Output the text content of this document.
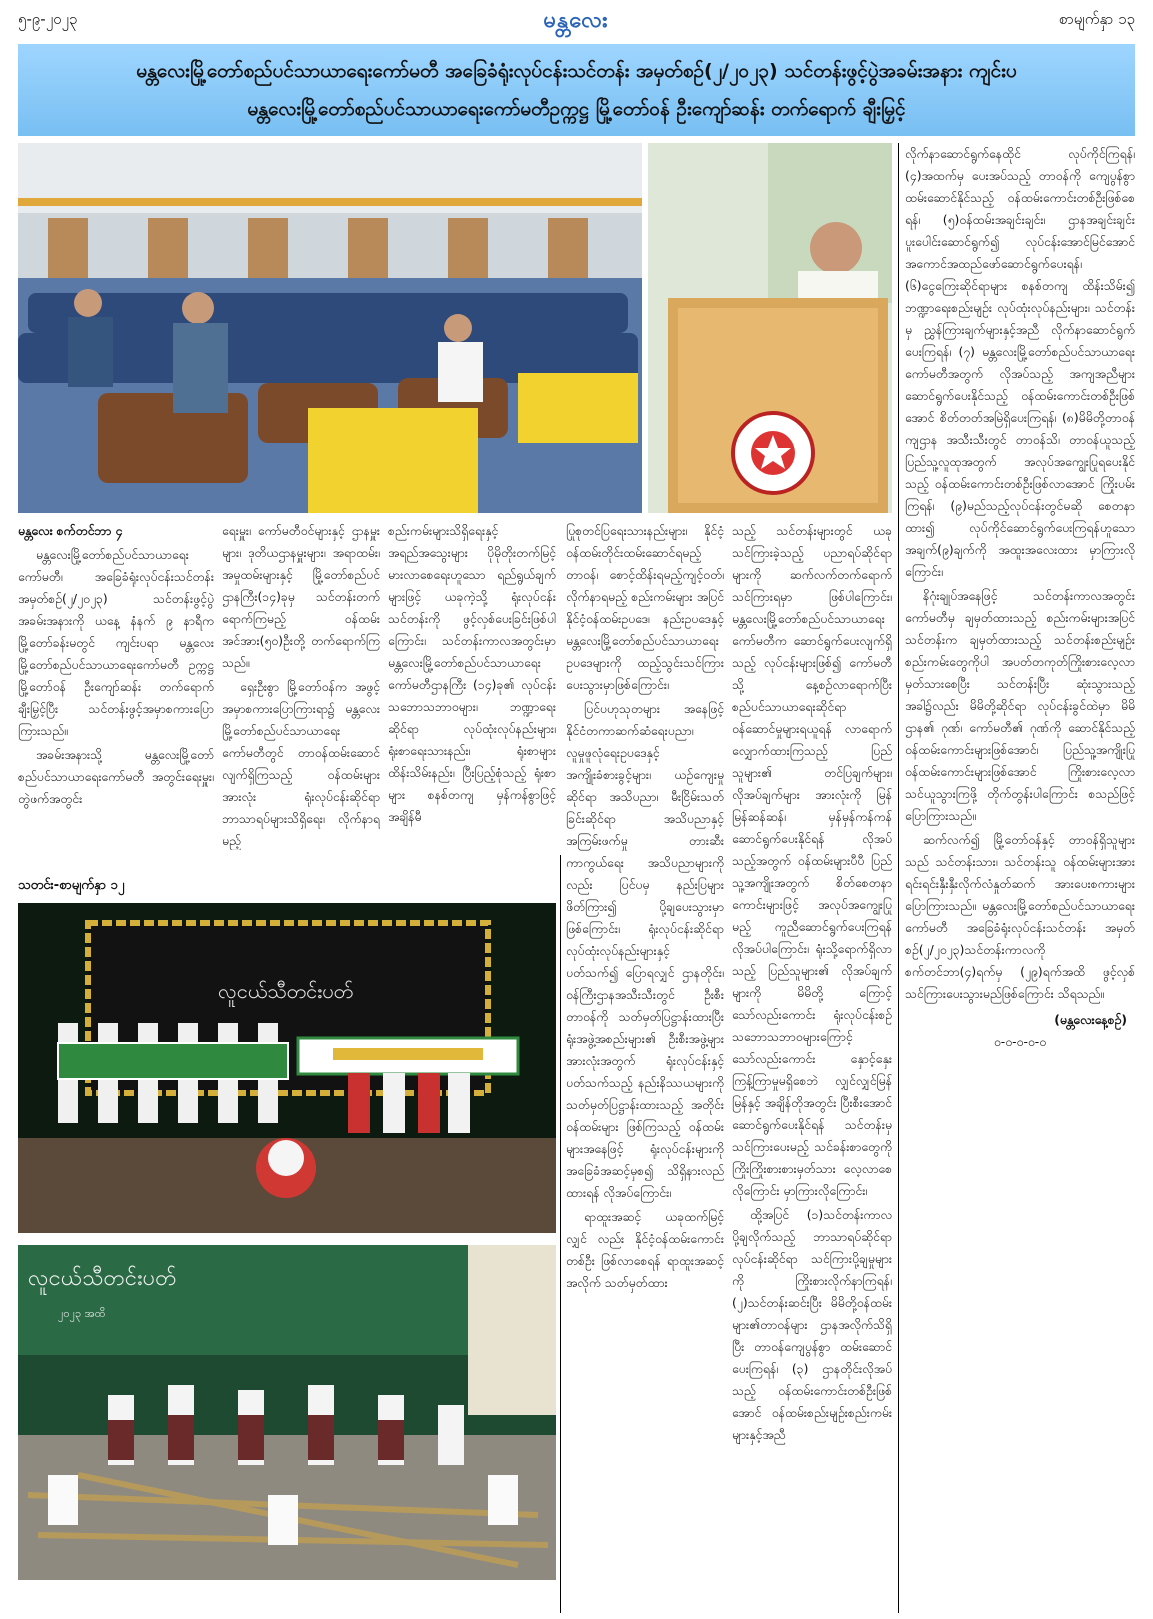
၅-၉-၂၀၂၃	မန္တလေး	စာမျက်နှာ ၁၃
မန္တလေးမြို့တော်စည်ပင်သာယာရေးကော်မတီ အခြေခံရုံးလုပ်ငန်းသင်တန်း အမှတ်စဉ်(၂/၂၀၂၃) သင်တန်းဖွင့်ပွဲအခမ်းအနား ကျင်းပ
မန္တလေးမြို့တော်စည်ပင်သာယာရေးကော်မတီဥက္ကဋ္ဌ မြို့တော်ဝန် ဦးကျော်ဆန်း တက်ရောက် ချီးမြှင့်

လိုက်နာဆောင်ရွက်နေထိုင် လုပ်ကိုင်ကြရန်၊ (၄)အထက်မှ ပေးအပ်သည့် တာဝန်ကို ကျေပွန်စွာ ထမ်းဆောင်နိုင်သည့် ဝန်ထမ်းကောင်းတစ်ဦးဖြစ်စေရန်၊ (၅)ဝန်ထမ်းအချင်းချင်း၊ ဌာနအချင်းချင်း ပူးပေါင်းဆောင်ရွက်၍ လုပ်ငန်းအောင်မြင်အောင် အကောင်အထည်ဖော်ဆောင်ရွက်ပေးရန်၊ (၆)ငွေကြေးဆိုင်ရာများ စနစ်တကျ ထိန်းသိမ်း၍ ဘဏ္ဍာရေးစည်းမျဉ်း လုပ်ထုံးလုပ်နည်းများ၊ သင်တန်းမှ ညွှန်ကြားချက်များနှင့်အညီ လိုက်နာဆောင်ရွက်ပေးကြရန်၊ (၇) မန္တလေးမြို့တော်စည်ပင်သာယာရေးကော်မတီအတွက် လိုအပ်သည့် အကျအညီများ ဆောင်ရွက်ပေးနိုင်သည့် ဝန်ထမ်းကောင်းတစ်ဦးဖြစ်အောင် စိတ်တတ်အမြဲရှိပေးကြရန်၊ (၈)မိမိတို့တာဝန်ကျဌာန အသီးသီးတွင် တာဝန်သိ၊ တာဝန်ယူသည့် ပြည်သူ့လူထုအတွက် အလုပ်အကျွေးပြုရပေးနိုင်သည့် ဝန်ထမ်းကောင်းတစ်ဦးဖြစ်လာအောင် ကြိုးပမ်းကြရန်၊ (၉)မည်သည့်လုပ်ငန်းတွင်မဆို စေတနာထား၍ လုပ်ကိုင်ဆောင်ရွက်ပေးကြရန်ဟူသော အချက်(၉)ချက်ကို အထူးအလေးထား မှာကြားလိုကြောင်း၊

နိဂုံးချုပ်အနေဖြင့် သင်တန်းကာလအတွင်း ကော်မတီမှ ချမှတ်ထားသည့် စည်းကမ်းများအပြင် သင်တန်းက ချမှတ်ထားသည့် သင်တန်းစည်းမျဉ်းစည်းကမ်းတွေကိုပါ အပတ်တကုတ်ကြိုးစားလေ့လာမှတ်သားစေပြီး သင်တန်းပြီး ဆုံးသွားသည့်အခါ၌လည်း မိမိတို့ဆိုင်ရာ လုပ်ငန်းခွင်ထဲမှာ မိမိဌာန၏ ဂုဏ်၊ ကော်မတီ၏ ဂုဏ်ကို ဆောင်နိုင်သည့် ဝန်ထမ်းကောင်းများဖြစ်အောင်၊ ပြည်သူ့အကျိုးပြု ဝန်ထမ်းကောင်းများဖြစ်အောင် ကြိုးစားလေ့လာသင်ယူသွားကြဖို့ တိုက်တွန်းပါကြောင်း စသည်ဖြင့် ပြောကြားသည်။

ဆက်လက်၍ မြို့တော်ဝန်နှင့် တာဝန်ရှိသူများသည် သင်တန်းသား၊ သင်တန်းသူ ဝန်ထမ်းများအား ရင်းရင်းနှီးနှီးလိုက်လံနှုတ်ဆက် အားပေးစကားများ ပြောကြားသည်။ မန္တလေးမြို့တော်စည်ပင်သာယာရေးကော်မတီ အခြေခံရုံးလုပ်ငန်းသင်တန်း အမှတ်စဉ်(၂/၂၀၂၃)သင်တန်းကာလကို စက်တင်ဘာ(၄)ရက်မှ (၂၉)ရက်အထိ ဖွင့်လှစ်သင်ကြားပေးသွားမည်ဖြစ်ကြောင်း သိရသည်။

(မန္တလေးနေ့စဉ်)
ဝ-ဝ-ဝ-ဝ-ဝ

မန္တလေး စက်တင်ဘာ ၄

မန္တလေးမြို့တော်စည်ပင်သာယာရေးကော်မတီ၊ အခြေခံရုံးလုပ်ငန်းသင်တန်း အမှတ်စဉ်(၂/၂၀၂၃) သင်တန်းဖွင့်ပွဲ အခမ်းအနားကို ယနေ့ နံနက် ၉ နာရီက မြို့တော်ခန်းမတွင် ကျင်းပရာ မန္တလေးမြို့တော်စည်ပင်သာယာရေးကော်မတီ ဥက္ကဋ္ဌ မြို့တော်ဝန် ဦးကျော်ဆန်း တက်ရောက် ချီးမြှင့်ပြီး သင်တန်းဖွင့်အမှာစကားပြောကြားသည်။

အခမ်းအနားသို့ မန္တလေးမြို့တော်စည်ပင်သာယာရေးကော်မတီ အတွင်းရေးမှူး၊ တွဲဖက်အတွင်း

ရေးမှူး၊ ကော်မတီဝင်များနှင့် ဌာနမှူးများ၊ ဒုတိယဌာနမှူးများ၊ အရာထမ်း၊ အမှုထမ်းများနှင့် မြို့တော်စည်ပင်ဌာနကြီး(၁၄)ခုမှ သင်တန်းတက်ရောက်ကြမည့် ဝန်ထမ်းအင်အား(၅၀)ဦးတို့ တက်ရောက်ကြသည်။

ရှေးဦးစွာ မြို့တော်ဝန်က အဖွင့် အမှာစကားပြောကြားရာ၌ မန္တလေးမြို့တော်စည်ပင်သာယာရေး ကော်မတီတွင် တာဝန်ထမ်းဆောင်လျက်ရှိကြသည့် ဝန်ထမ်းများအားလုံး ရုံးလုပ်ငန်းဆိုင်ရာ ဘာသာရပ်များသိရှိရေး၊ လိုက်နာရမည့်

စည်းကမ်းများသိရှိရေးနှင့် အရည်အသွေးများ ပိုမိုတိုးတက်မြင့်မားလာစေရေးဟူသော ရည်ရွယ်ချက်များဖြင့် ယခုကဲ့သို့ ရုံးလုပ်ငန်းသင်တန်းကို ဖွင့်လှစ်ပေးခြင်းဖြစ်ပါကြောင်း၊ သင်တန်းကာလအတွင်းမှာ မန္တလေးမြို့တော်စည်ပင်သာယာရေးကော်မတီဌာနကြီး (၁၄)ခု၏ လုပ်ငန်းသဘောသဘာဝများ၊ ဘဏ္ဍာရေးဆိုင်ရာ လုပ်ထုံးလုပ်နည်းများ၊ ရုံးစာရေးသားနည်း၊ ရုံးစာများထိန်းသိမ်းနည်း၊ ပြီးပြည့်စုံသည့် ရုံးစာများ စနစ်တကျ မှန်ကန်စွာဖြင့် အချိန်မီ

ပြုစုတင်ပြရေးသားနည်းများ၊ နိုင်ငံ့ဝန်ထမ်းတိုင်းထမ်းဆောင်ရမည့် တာဝန်၊ စောင့်ထိန်းရမည့်ကျင့်ဝတ်၊ လိုက်နာရမည့် စည်းကမ်းများ အပြင် နိုင်ငံ့ဝန်ထမ်းဥပဒေ၊ နည်းဥပဒေနှင့် မန္တလေးမြို့တော်စည်ပင်သာယာရေးဥပဒေများကို ထည့်သွင်းသင်ကြားပေးသွားမှာဖြစ်ကြောင်း၊

ပြင်ပဟုသုတများ အနေဖြင့် နိုင်ငံတကာဆက်ဆံရေးပညာ၊ လူမှုဖူလုံရေးဥပဒေနှင့် အကျိုးခံစားခွင့်များ၊ ယဉ်ကျေးမှုဆိုင်ရာ အသိပညာ၊ မီးငြိမ်းသတ်ခြင်းဆိုင်ရာ အသိပညာနှင့် အကြမ်းဖက်မှု တားဆီးကာကွယ်ရေး အသိပညာများကို လည်း ပြင်ပမှ နည်းပြများဖိတ်ကြား၍ ပို့ချပေးသွားမှာဖြစ်ကြောင်း၊ ရုံးလုပ်ငန်းဆိုင်ရာ လုပ်ထုံးလုပ်နည်းများနှင့် ပတ်သက်၍ ပြောရလျှင် ဌာနတိုင်း၊ ဝန်ကြီးဌာနအသီးသီးတွင် ဦးစီးတာဝန်ကို သတ်မှတ်ပြဋ္ဌာန်းထားပြီး ရုံးအဖွဲ့အစည်းများ၏ ဦးစီးအဖွဲ့များအားလုံးအတွက် ရုံးလုပ်ငန်းနှင့် ပတ်သက်သည့် နည်းနိဿယများကို သတ်မှတ်ပြဋ္ဌာန်းထားသည့် အတိုင်း ဝန်ထမ်းများ ဖြစ်ကြသည့် ဝန်ထမ်းများအနေဖြင့် ရုံးလုပ်ငန်းများကို အခြေခံအဆင့်မှစ၍ သိရှိနားလည်ထားရန် လိုအပ်ကြောင်း၊

ရာထူးအဆင့် ယခုထက်မြင့်လျှင် လည်း နိုင်ငံ့ဝန်ထမ်းကောင်းတစ်ဦး ဖြစ်လာစေရန် ရာထူးအဆင့်အလိုက် သတ်မှတ်ထား

သည့် သင်တန်းများတွင် ယခုသင်ကြားခဲ့သည့် ပညာရပ်ဆိုင်ရာများကို ဆက်လက်တက်ရောက်သင်ကြားရမှာ ဖြစ်ပါကြောင်း၊ မန္တလေးမြို့တော်စည်ပင်သာယာရေးကော်မတီက ဆောင်ရွက်ပေးလျက်ရှိသည့် လုပ်ငန်းများဖြစ်၍ ကော်မတီသို့ နေ့စဉ်လာရောက်ပြီး စည်ပင်သာယာရေးဆိုင်ရာ ဝန်ဆောင်မှုများရယူရန် လာရောက်လျှောက်ထားကြသည့် ပြည်သူများ၏ တင်ပြချက်များ၊ လိုအပ်ချက်များ အားလုံးကို မြန်မြန်ဆန်ဆန်၊ မှန်မှန်ကန်ကန် ဆောင်ရွက်ပေးနိုင်ရန် လိုအပ်သည့်အတွက် ဝန်ထမ်းများပီပီ ပြည်သူ့အကျိုးအတွက် စိတ်စေတနာကောင်းများဖြင့် အလုပ်အကျွေးပြုမည့် ကူညီဆောင်ရွက်ပေးကြရန် လိုအပ်ပါကြောင်း၊ ရုံးသို့ရောက်ရှိလာသည့် ပြည်သူများ၏ လိုအပ်ချက်များကို မိမိတို့ ကြောင့်သော်လည်းကောင်း ရုံးလုပ်ငန်းစဉ် သဘောသဘာဝများကြောင့်သော်လည်းကောင်း နှောင့်နှေးကြန့်ကြာမှုမရှိစေဘဲ လျှင်လျှင်မြန်မြန်နှင့် အချိန်တိုအတွင်း ပြီးစီးအောင်ဆောင်ရွက်ပေးနိုင်ရန် သင်တန်းမှ သင်ကြားပေးမည့် သင်ခန်းစာတွေကို ကြိုးကြိုးစားစားမှတ်သား လေ့လာစေလိုကြောင်း မှာကြားလိုကြောင်း၊

ထို့အပြင် (၁)သင်တန်းကာလပို့ချလိုက်သည့် ဘာသာရပ်ဆိုင်ရာ လုပ်ငန်းဆိုင်ရာ သင်ကြားပို့ချမှုများကို ကြိုးစားလိုက်နာကြရန်၊ (၂)သင်တန်းဆင်းပြီး မိမိတို့ဝန်ထမ်းများ၏တာဝန်များ ဌာနအလိုက်သိရှိပြီး တာဝန်ကျေပွန်စွာ ထမ်းဆောင်ပေးကြရန်၊ (၃) ဌာနတိုင်းလိုအပ်သည့် ဝန်ထမ်းကောင်းတစ်ဦးဖြစ်အောင် ဝန်ထမ်းစည်းမျဉ်းစည်းကမ်းများနှင့်အညီ

သတင်း-စာမျက်နှာ ၁၂
လူငယ်သီတင်းပတ်
လူငယ်သီတင်းပတ်
၂၀၂၃ အထိ
